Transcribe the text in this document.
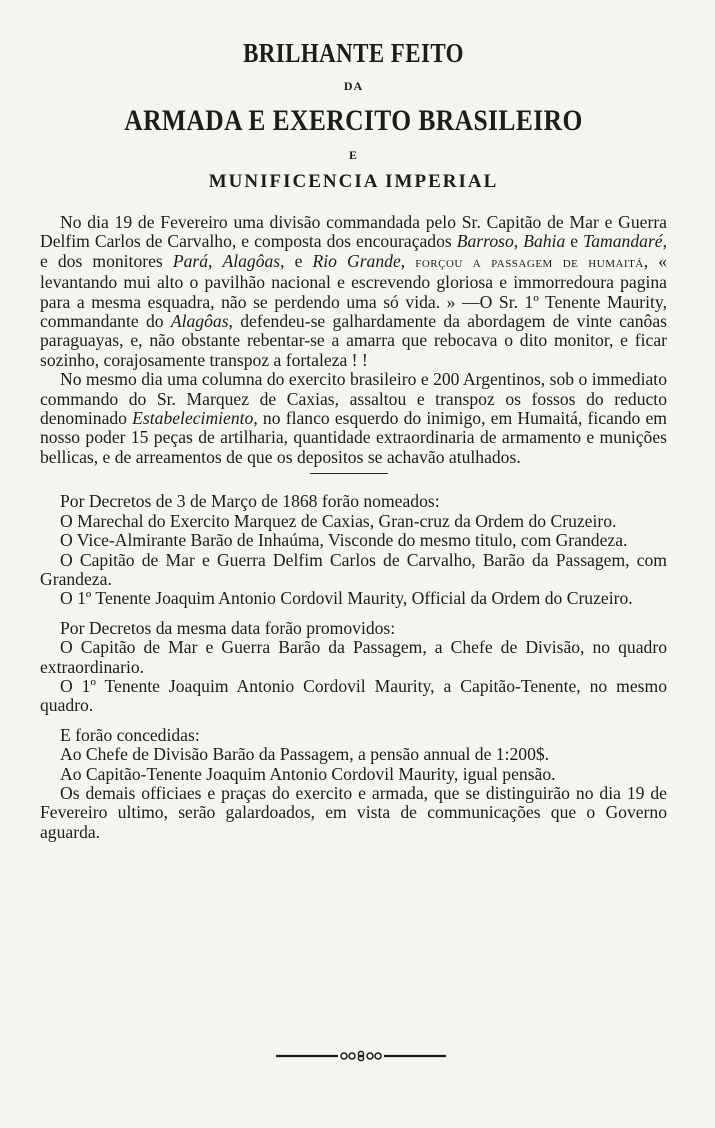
BRILHANTE FEITO
DA
ARMADA E EXERCITO BRASILEIRO
E
MUNIFICENCIA IMPERIAL

No dia 19 de Fevereiro uma divisão commandada pelo Sr. Capitão de Mar e Guerra Delfim Carlos de Carvalho, e composta dos encouraçados Barroso, Bahia e Tamandaré, e dos monitores Pará, Alagôas, e Rio Grande, forçou a passagem de humaitá, « levantando mui alto o pavilhão nacional e escrevendo gloriosa e immorredoura pagina para a mesma esquadra, não se perdendo uma só vida. » —O Sr. 1º Tenente Maurity, commandante do Alagôas, defendeu-se galhardamente da abordagem de vinte canôas paraguayas, e, não obstante rebentar-se a amarra que rebocava o dito monitor, e ficar sozinho, corajosamente transpoz a fortaleza ! !

No mesmo dia uma columna do exercito brasileiro e 200 Argentinos, sob o immediato commando do Sr. Marquez de Caxias, assaltou e transpoz os fossos do reducto denominado Estabelecimiento, no flanco esquerdo do inimigo, em Humaitá, ficando em nosso poder 15 peças de artilharia, quantidade extraordinaria de armamento e munições bellicas, e de arreamentos de que os depositos se achavão atulhados.

Por Decretos de 3 de Março de 1868 forão nomeados:

O Marechal do Exercito Marquez de Caxias, Gran-cruz da Ordem do Cruzeiro.

O Vice-Almirante Barão de Inhaúma, Visconde do mesmo titulo, com Grandeza.

O Capitão de Mar e Guerra Delfim Carlos de Carvalho, Barão da Passagem, com Grandeza.

O 1º Tenente Joaquim Antonio Cordovil Maurity, Official da Ordem do Cruzeiro.

Por Decretos da mesma data forão promovidos:

O Capitão de Mar e Guerra Barão da Passagem, a Chefe de Divisão, no quadro extraordinario.

O 1º Tenente Joaquim Antonio Cordovil Maurity, a Capitão-Tenente, no mesmo quadro.

E forão concedidas:

Ao Chefe de Divisão Barão da Passagem, a pensão annual de 1:200$.

Ao Capitão-Tenente Joaquim Antonio Cordovil Maurity, igual pensão.

Os demais officiaes e praças do exercito e armada, que se distinguirão no dia 19 de Fevereiro ultimo, serão galardoados, em vista de communicações que o Governo aguarda.
